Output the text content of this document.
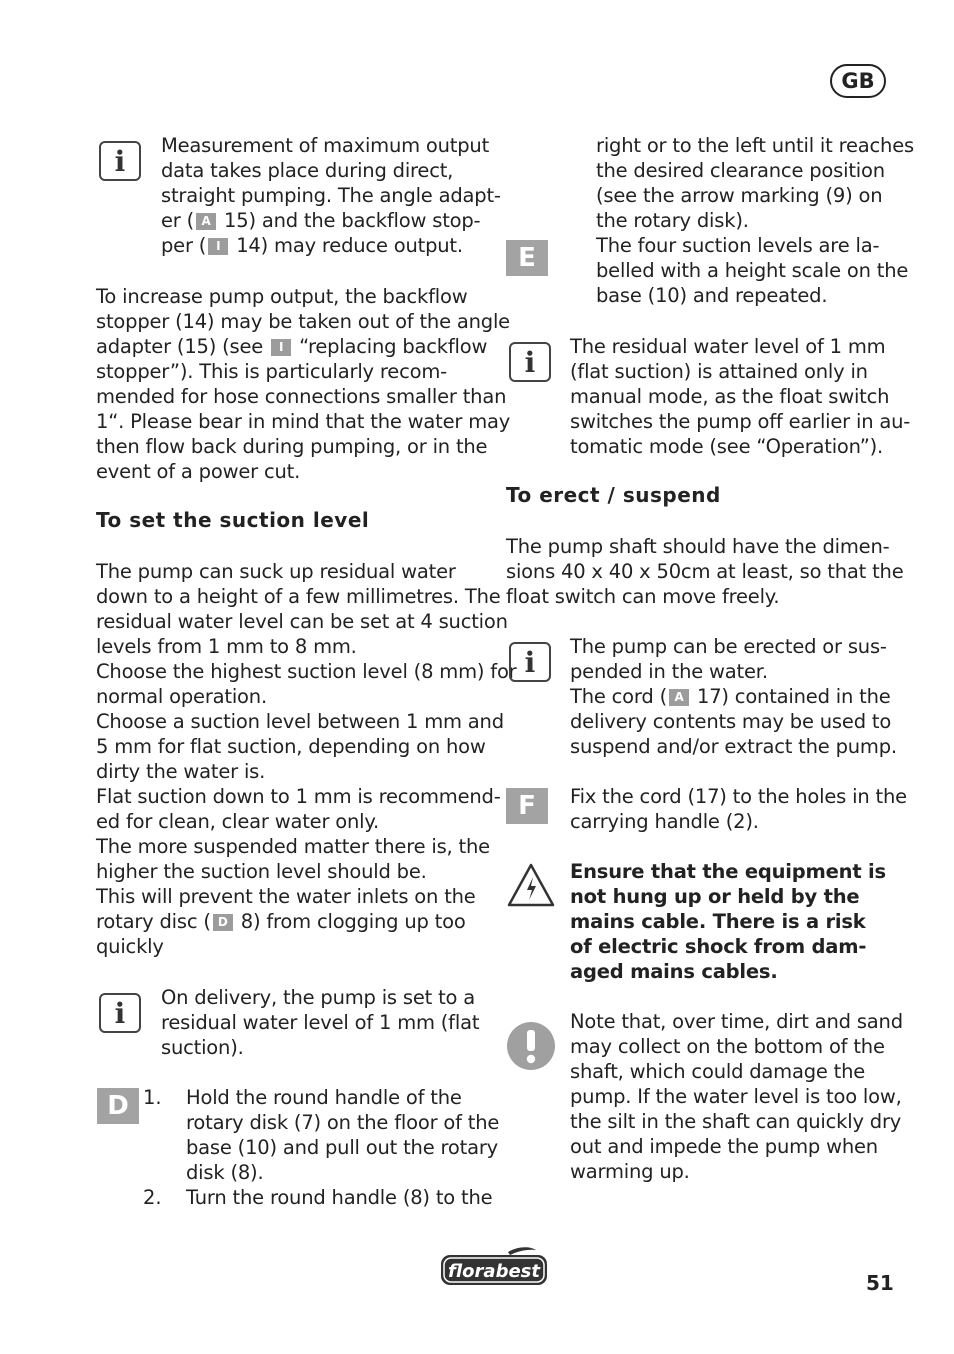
GB
i	Measurement of maximum output
data takes place during direct,
straight pumping. The angle adapt-
er ( A 15) and the backflow stop-
per ( I 14) may reduce output.
To increase pump output, the backflow
stopper (14) may be taken out of the angle
adapter (15) (see I “replacing backflow
stopper”). This is particularly recom-
mended for hose connections smaller than
1“. Please bear in mind that the water may
then flow back during pumping, or in the
event of a power cut.
To set the suction level
The pump can suck up residual water
down to a height of a few millimetres. The
residual water level can be set at 4 suction
levels from 1 mm to 8 mm.
Choose the highest suction level (8 mm) for
normal operation.
Choose a suction level between 1 mm and
5 mm for flat suction, depending on how
dirty the water is.
Flat suction down to 1 mm is recommend-
ed for clean, clear water only.
The more suspended matter there is, the
higher the suction level should be.
This will prevent the water inlets on the
rotary disc ( D 8) from clogging up too
quickly
i	On delivery, the pump is set to a
residual water level of 1 mm (flat
suction).
D 1. Hold the round handle of the
rotary disk (7) on the floor of the
base (10) and pull out the rotary
disk (8).
2. Turn the round handle (8) to the
right or to the left until it reaches
the desired clearance position
(see the arrow marking (9) on
the rotary disk).
The four suction levels are la-
belled with a height scale on the
base (10) and repeated.
E
i	The residual water level of 1 mm
(flat suction) is attained only in
manual mode, as the float switch
switches the pump off earlier in au-
tomatic mode (see “Operation”).
To erect / suspend
The pump shaft should have the dimen-
sions 40 x 40 x 50cm at least, so that the
float switch can move freely.
i	The pump can be erected or sus-
pended in the water.
The cord ( A 17) contained in the
delivery contents may be used to
suspend and/or extract the pump.
F	Fix the cord (17) to the holes in the
carrying handle (2).
Ensure that the equipment is
not hung up or held by the
mains cable. There is a risk
of electric shock from dam-
aged mains cables.
Note that, over time, dirt and sand
may collect on the bottom of the
shaft, which could damage the
pump. If the water level is too low,
the silt in the shaft can quickly dry
out and impede the pump when
warming up.
florabest	51
